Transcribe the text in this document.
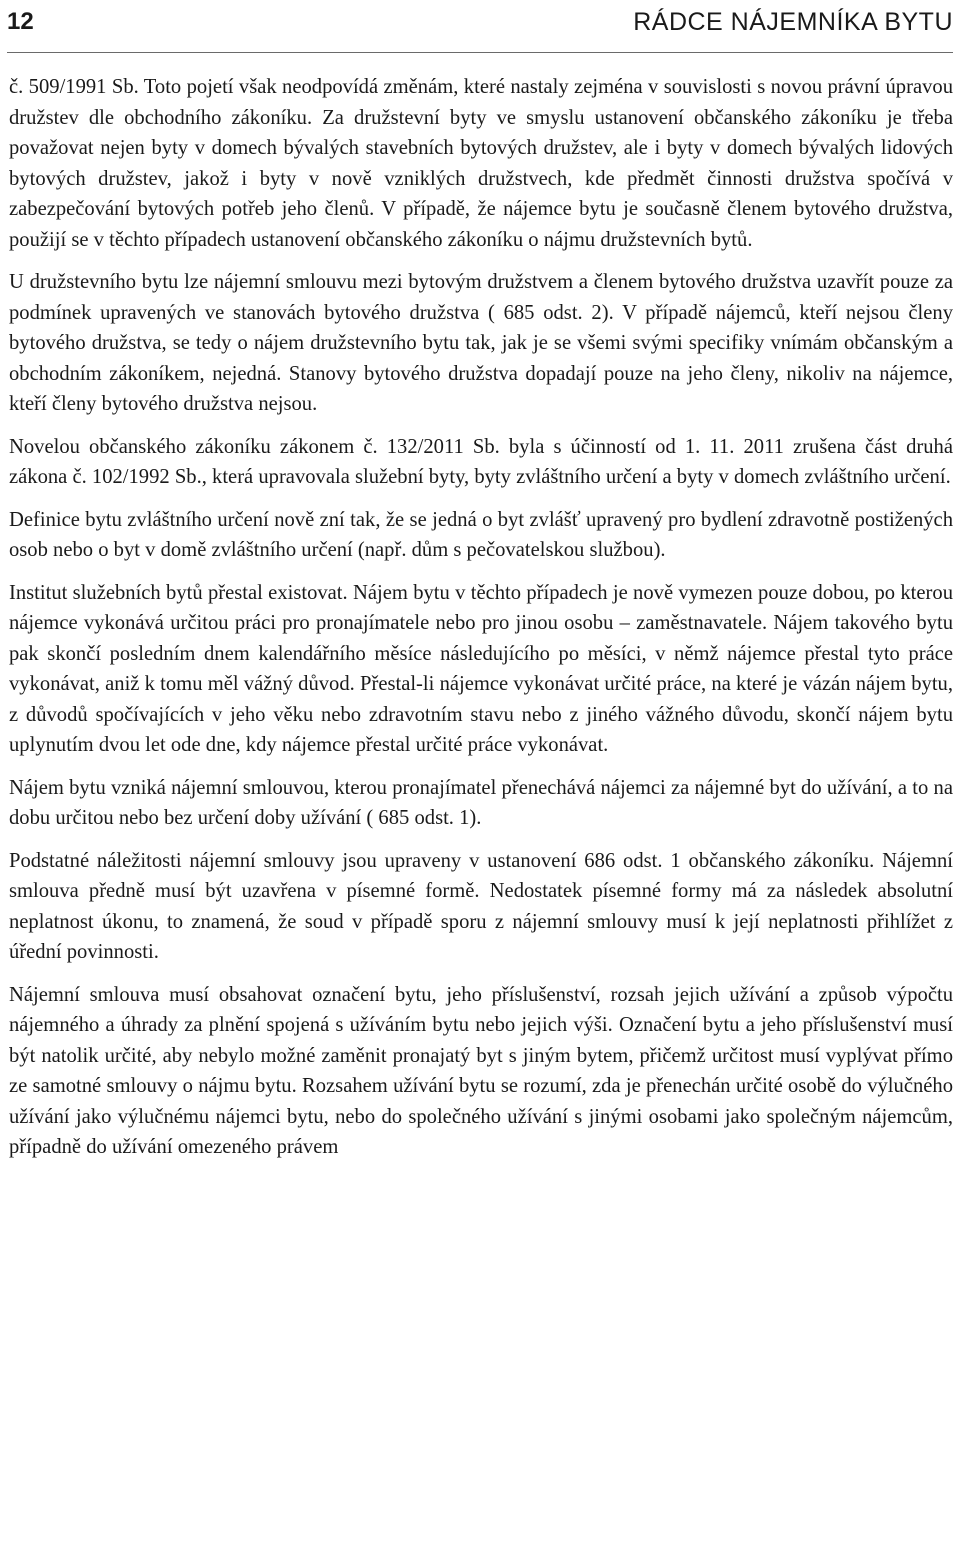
12	RÁDCE NÁJEMNÍKA BYTU

č. 509/1991 Sb. Toto pojetí však neodpovídá změnám, které nastaly zejména v souvislosti s novou právní úpravou družstev dle obchodního zákoníku. Za družstevní byty ve smyslu ustanovení občanského zákoníku je třeba považovat nejen byty v domech bývalých stavebních bytových družstev, ale i byty v domech bývalých lidových bytových družstev, jakož i byty v nově vzniklých družstvech, kde předmět činnosti družstva spočívá v zabezpečování bytových potřeb jeho členů. V případě, že nájemce bytu je současně členem bytového družstva, použijí se v těchto případech ustanovení občanského zákoníku o nájmu družstevních bytů.

U družstevního bytu lze nájemní smlouvu mezi bytovým družstvem a členem bytového družstva uzavřít pouze za podmínek upravených ve stanovách bytového družstva ( 685 odst. 2). V případě nájemců, kteří nejsou členy bytového družstva, se tedy o nájem družstevního bytu tak, jak je se všemi svými specifiky vnímám občanským a obchodním zákoníkem, nejedná. Stanovy bytového družstva dopadají pouze na jeho členy, nikoliv na nájemce, kteří členy bytového družstva nejsou.

Novelou občanského zákoníku zákonem č. 132/2011 Sb. byla s účinností od 1. 11. 2011 zrušena část druhá zákona č. 102/1992 Sb., která upravovala služební byty, byty zvláštního určení a byty v domech zvláštního určení.

Definice bytu zvláštního určení nově zní tak, že se jedná o byt zvlášť upravený pro bydlení zdravotně postižených osob nebo o byt v domě zvláštního určení (např. dům s pečovatelskou službou).

Institut služebních bytů přestal existovat. Nájem bytu v těchto případech je nově vymezen pouze dobou, po kterou nájemce vykonává určitou práci pro pronajímatele nebo pro jinou osobu – zaměstnavatele. Nájem takového bytu pak skončí posledním dnem kalendářního měsíce následujícího po měsíci, v němž nájemce přestal tyto práce vykonávat, aniž k tomu měl vážný důvod. Přestal-li nájemce vykonávat určité práce, na které je vázán nájem bytu, z důvodů spočívajících v jeho věku nebo zdravotním stavu nebo z jiného vážného důvodu, skončí nájem bytu uplynutím dvou let ode dne, kdy nájemce přestal určité práce vykonávat.

Nájem bytu vzniká nájemní smlouvou, kterou pronajímatel přenechává nájemci za nájemné byt do užívání, a to na dobu určitou nebo bez určení doby užívání ( 685 odst. 1).

Podstatné náležitosti nájemní smlouvy jsou upraveny v ustanovení 686 odst. 1 občanského zákoníku. Nájemní smlouva předně musí být uzavřena v písemné formě. Nedostatek písemné formy má za následek absolutní neplatnost úkonu, to znamená, že soud v případě sporu z nájemní smlouvy musí k její neplatnosti přihlížet z úřední povinnosti.

Nájemní smlouva musí obsahovat označení bytu, jeho příslušenství, rozsah jejich užívání a způsob výpočtu nájemného a úhrady za plnění spojená s užíváním bytu nebo jejich výši. Označení bytu a jeho příslušenství musí být natolik určité, aby nebylo možné zaměnit pronajatý byt s jiným bytem, přičemž určitost musí vyplývat přímo ze samotné smlouvy o nájmu bytu. Rozsahem užívání bytu se rozumí, zda je přenechán určité osobě do výlučného užívání jako výlučnému nájemci bytu, nebo do společného užívání s jinými osobami jako společným nájemcům, případně do užívání omezeného právem
